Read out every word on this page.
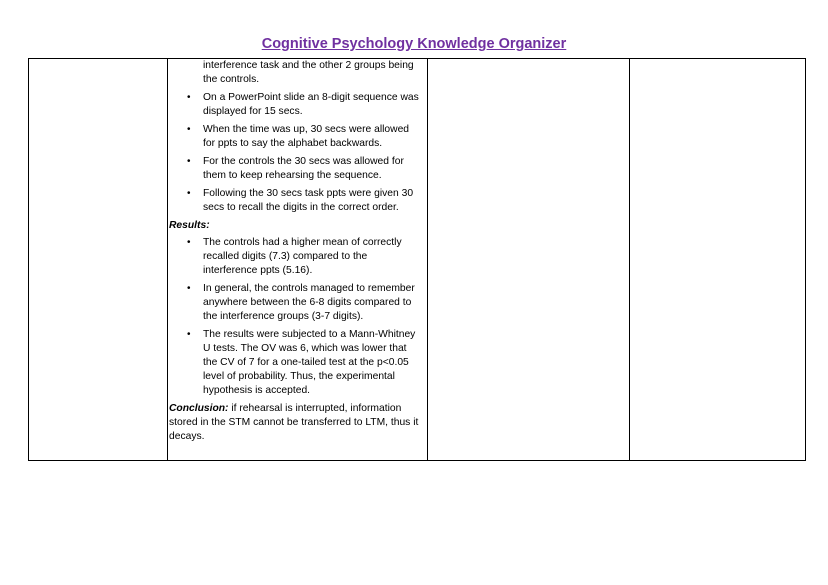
Cognitive Psychology Knowledge Organizer

interference task and the other 2 groups being the controls.
• On a PowerPoint slide an 8-digit sequence was displayed for 15 secs.
• When the time was up, 30 secs were allowed for ppts to say the alphabet backwards.
• For the controls the 30 secs was allowed for them to keep rehearsing the sequence.
• Following the 30 secs task ppts were given 30 secs to recall the digits in the correct order.
Results:
• The controls had a higher mean of correctly recalled digits (7.3) compared to the interference ppts (5.16).
• In general, the controls managed to remember anywhere between the 6-8 digits compared to the interference groups (3-7 digits).
• The results were subjected to a Mann-Whitney U tests. The OV was 6, which was lower that the CV of 7 for a one-tailed test at the p<0.05 level of probability. Thus, the experimental hypothesis is accepted.
Conclusion: if rehearsal is interrupted, information stored in the STM cannot be transferred to LTM, thus it decays.
